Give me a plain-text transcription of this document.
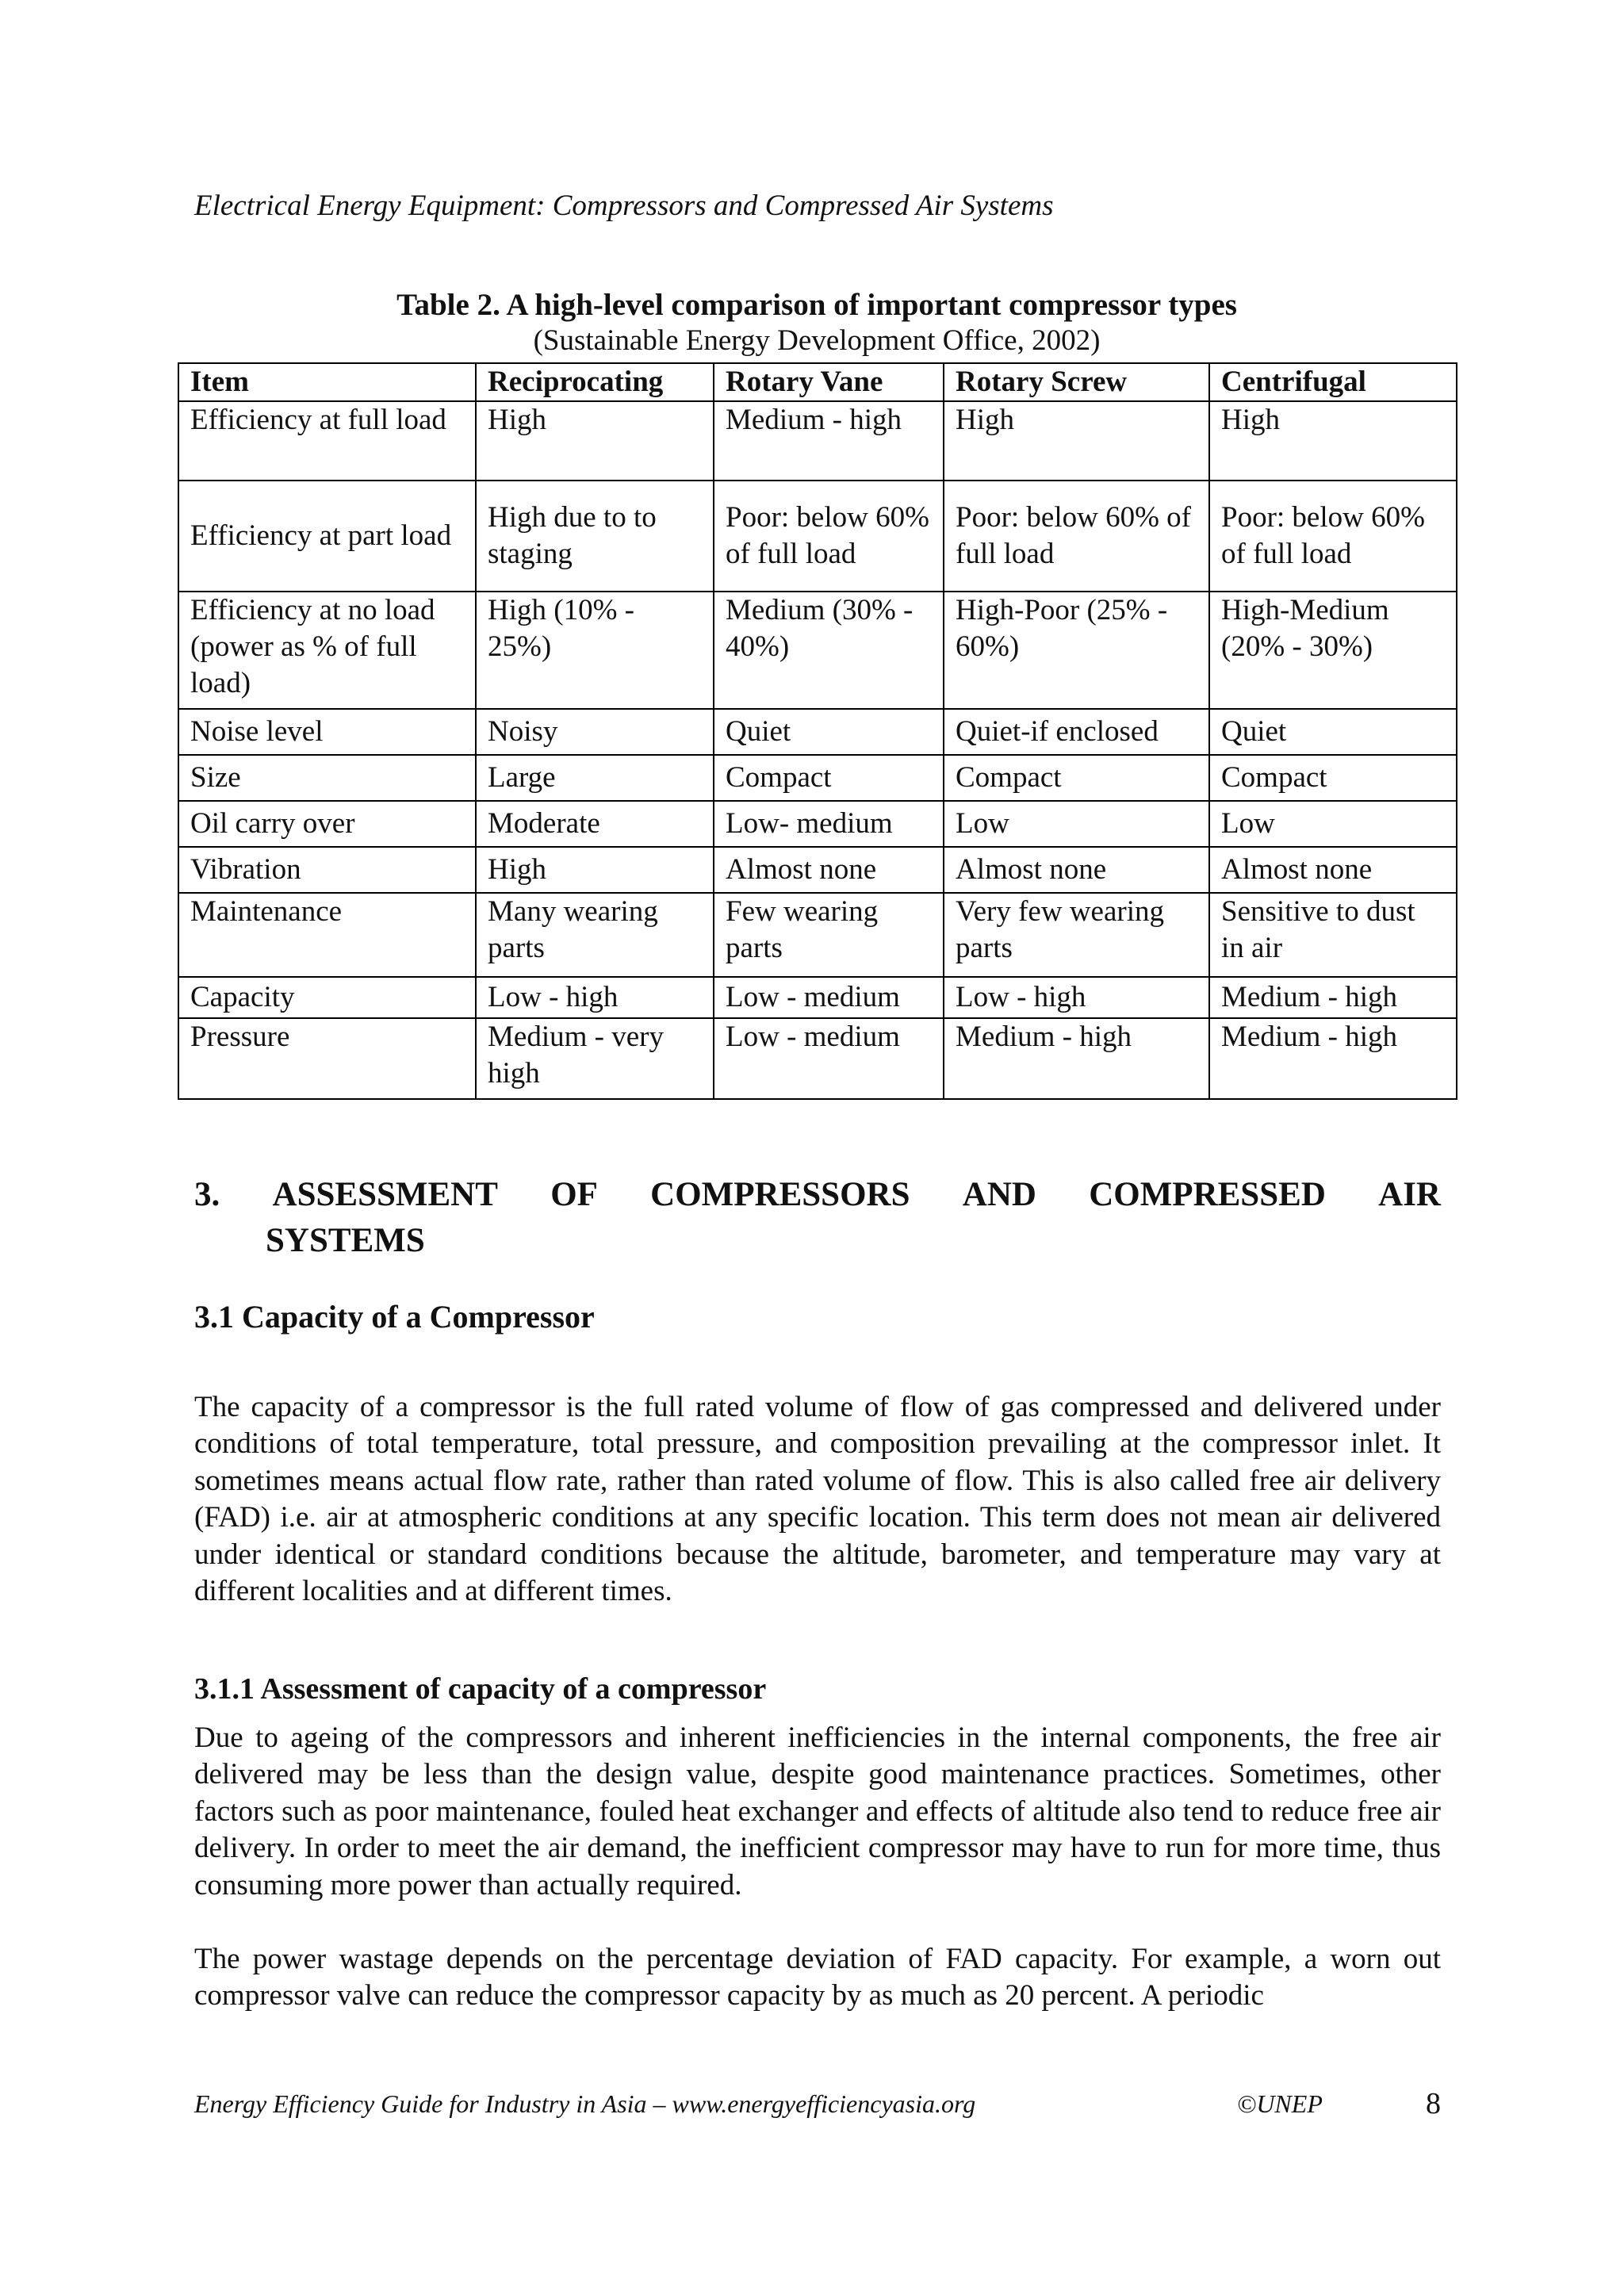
Electrical Energy Equipment: Compressors and Compressed Air Systems
Table 2. A high-level comparison of important compressor types
(Sustainable Energy Development Office, 2002)
Item	Reciprocating	Rotary Vane	Rotary Screw	Centrifugal
Efficiency at full load	High	Medium - high	High	High
Efficiency at part load	High due to to staging	Poor: below 60% of full load	Poor: below 60% of full load	Poor: below 60% of full load
Efficiency at no load (power as % of full load)	High (10% - 25%)	Medium (30% - 40%)	High-Poor (25% - 60%)	High-Medium (20% - 30%)
Noise level	Noisy	Quiet	Quiet-if enclosed	Quiet
Size	Large	Compact	Compact	Compact
Oil carry over	Moderate	Low- medium	Low	Low
Vibration	High	Almost none	Almost none	Almost none
Maintenance	Many wearing parts	Few wearing parts	Very few wearing parts	Sensitive to dust in air
Capacity	Low - high	Low - medium	Low - high	Medium - high
Pressure	Medium - very high	Low - medium	Medium - high	Medium - high
3. ASSESSMENT OF COMPRESSORS AND COMPRESSED AIR
SYSTEMS
3.1 Capacity of a Compressor

The capacity of a compressor is the full rated volume of flow of gas compressed and delivered under conditions of total temperature, total pressure, and composition prevailing at the compressor inlet. It sometimes means actual flow rate, rather than rated volume of flow. This is also called free air delivery (FAD) i.e. air at atmospheric conditions at any specific location. This term does not mean air delivered under identical or standard conditions because the altitude, barometer, and temperature may vary at different localities and at different times.

3.1.1 Assessment of capacity of a compressor

Due to ageing of the compressors and inherent inefficiencies in the internal components, the free air delivered may be less than the design value, despite good maintenance practices. Sometimes, other factors such as poor maintenance, fouled heat exchanger and effects of altitude also tend to reduce free air delivery. In order to meet the air demand, the inefficient compressor may have to run for more time, thus consuming more power than actually required.

The power wastage depends on the percentage deviation of FAD capacity. For example, a worn out compressor valve can reduce the compressor capacity by as much as 20 percent. A periodic

Energy Efficiency Guide for Industry in Asia – www.energyefficiencyasia.org	©UNEP	8
